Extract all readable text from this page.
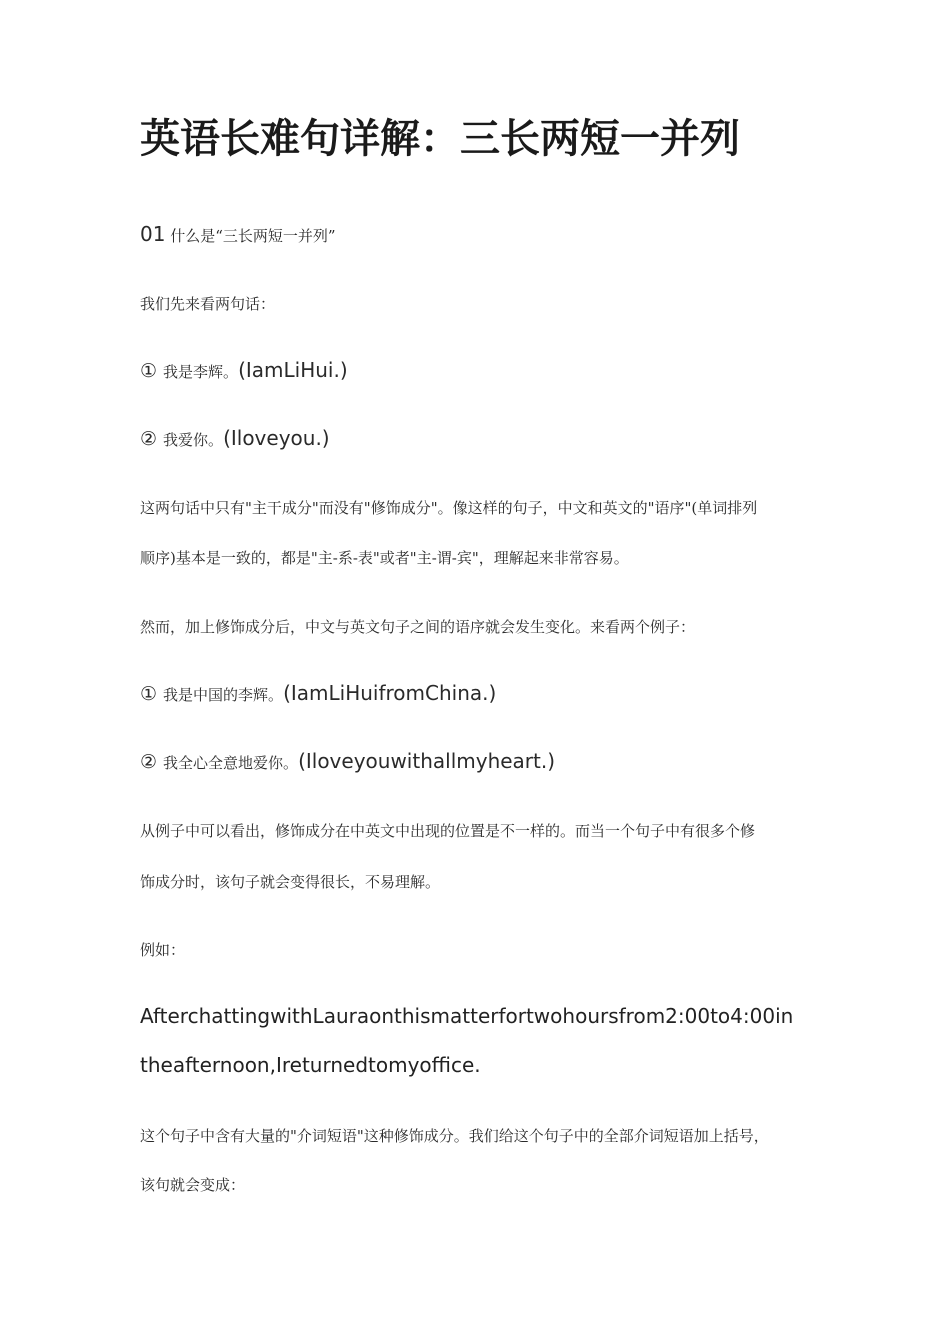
英语长难句详解：三长两短一并列

01 什么是“三长两短一并列”

我们先来看两句话：

① 我是李辉。(IamLiHui.)

② 我爱你。(Iloveyou.)

这两句话中只有"主干成分"而没有"修饰成分"。像这样的句子，中文和英文的"语序"(单词排列

顺序)基本是一致的，都是"主-系-表"或者"主-谓-宾"，理解起来非常容易。

然而，加上修饰成分后，中文与英文句子之间的语序就会发生变化。来看两个例子：

① 我是中国的李辉。(IamLiHuifromChina.)

② 我全心全意地爱你。(Iloveyouwithallmyheart.)

从例子中可以看出，修饰成分在中英文中出现的位置是不一样的。而当一个句子中有很多个修

饰成分时，该句子就会变得很长，不易理解。

例如：

AfterchattingwithLauraonthismatterfortwohoursfrom2:00to4:00in

theafternoon,Ireturnedtomyoffice.

这个句子中含有大量的"介词短语"这种修饰成分。我们给这个句子中的全部介词短语加上括号，

该句就会变成：
